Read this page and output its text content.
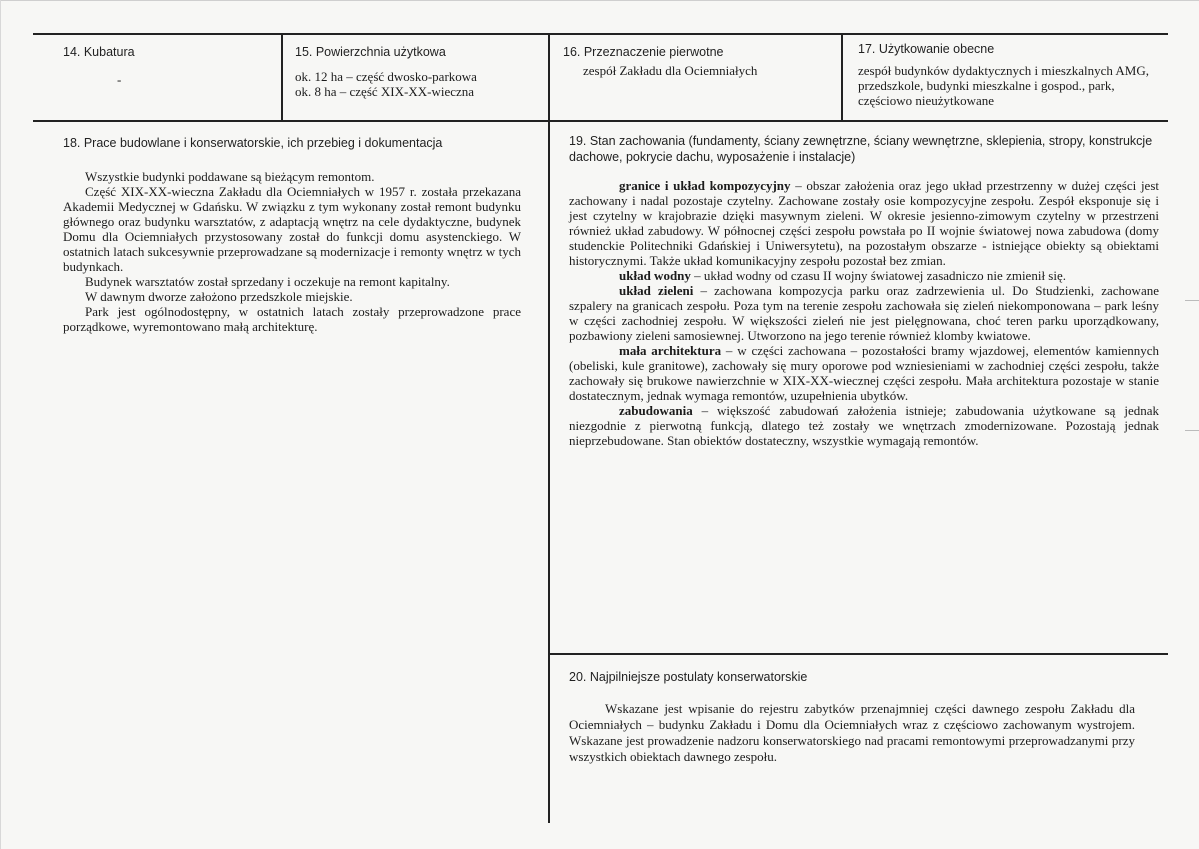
14. Kubatura
-
15. Powierzchnia użytkowa
ok. 12 ha – część dwosko-parkowa
ok. 8 ha – część XIX-XX-wieczna
16. Przeznaczenie pierwotne
zespół Zakładu dla Ociemniałych
17. Użytkowanie obecne
zespół budynków dydaktycznych i mieszkalnych AMG, przedszkole, budynki mieszkalne i gospod., park, częściowo nieużytkowane
18. Prace budowlane i konserwatorskie, ich przebieg i dokumentacja

Wszystkie budynki poddawane są bieżącym remontom.

Część XIX-XX-wieczna Zakładu dla Ociemniałych w 1957 r. została przekazana Akademii Medycznej w Gdańsku. W związku z tym wykonany został remont budynku głównego oraz budynku warsztatów, z adaptacją wnętrz na cele dydaktyczne, budynek Domu dla Ociemniałych przystosowany został do funkcji domu asystenckiego. W ostatnich latach sukcesywnie przeprowadzane są modernizacje i remonty wnętrz w tych budynkach.

Budynek warsztatów został sprzedany i oczekuje na remont kapitalny.

W dawnym dworze założono przedszkole miejskie.

Park jest ogólnodostępny, w ostatnich latach zostały przeprowadzone prace porządkowe, wyremontowano małą architekturę.

19. Stan zachowania (fundamenty, ściany zewnętrzne, ściany wewnętrzne, sklepienia, stropy, konstrukcje dachowe, pokrycie dachu, wyposażenie i instalacje)

granice i układ kompozycyjny – obszar założenia oraz jego układ przestrzenny w dużej części jest zachowany i nadal pozostaje czytelny. Zachowane zostały osie kompozycyjne zespołu. Zespół eksponuje się i jest czytelny w krajobrazie dzięki masywnym zieleni. W okresie jesienno-zimowym czytelny w przestrzeni również układ zabudowy. W północnej części zespołu powstała po II wojnie światowej nowa zabudowa (domy studenckie Politechniki Gdańskiej i Uniwersytetu), na pozostałym obszarze - istniejące obiekty są obiektami historycznymi. Także układ komunikacyjny zespołu pozostał bez zmian.

układ wodny – układ wodny od czasu II wojny światowej zasadniczo nie zmienił się.

układ zieleni – zachowana kompozycja parku oraz zadrzewienia ul. Do Studzienki, zachowane szpalery na granicach zespołu. Poza tym na terenie zespołu zachowała się zieleń niekomponowana – park leśny w części zachodniej zespołu. W większości zieleń nie jest pielęgnowana, choć teren parku uporządkowany, pozbawiony zieleni samosiewnej. Utworzono na jego terenie również klomby kwiatowe.

mała architektura – w części zachowana – pozostałości bramy wjazdowej, elementów kamiennych (obeliski, kule granitowe), zachowały się mury oporowe pod wzniesieniami w zachodniej części zespołu, także zachowały się brukowe nawierzchnie w XIX-XX-wiecznej części zespołu. Mała architektura pozostaje w stanie dostatecznym, jednak wymaga remontów, uzupełnienia ubytków.

zabudowania – większość zabudowań założenia istnieje; zabudowania użytkowane są jednak niezgodnie z pierwotną funkcją, dlatego też zostały we wnętrzach zmodernizowane. Pozostają jednak nieprzebudowane. Stan obiektów dostateczny, wszystkie wymagają remontów.

20. Najpilniejsze postulaty konserwatorskie

Wskazane jest wpisanie do rejestru zabytków przenajmniej części dawnego zespołu Zakładu dla Ociemniałych – budynku Zakładu i Domu dla Ociemniałych wraz z częściowo zachowanym wystrojem. Wskazane jest prowadzenie nadzoru konserwatorskiego nad pracami remontowymi przeprowadzanymi przy wszystkich obiektach dawnego zespołu.
